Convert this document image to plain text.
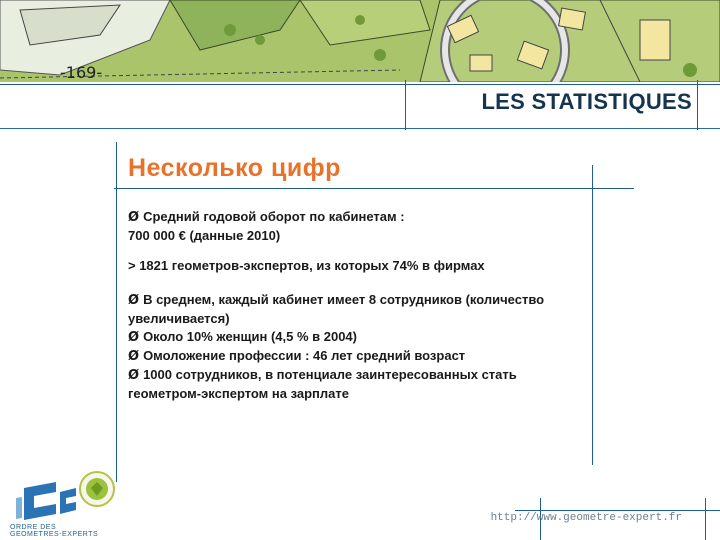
-169-
LES STATISTIQUES
Несколько цифр
Ø Средний годовой оборот по кабинетам :
700 000 € (данные 2010)
> 1821 геометров-экспертов, из которых 74% в фирмах
Ø В среднем, каждый кабинет имеет 8 сотрудников (количество
увеличивается)
Ø Около 10% женщин (4,5 % в 2004)
Ø Омоложение профессии : 46 лет средний возраст
Ø 1000 сотрудников, в потенциале заинтересованных стать
геометром-экспертом на зарплате
http://www.geometre-expert.fr
ORDRE DES
GEOMETRES-EXPERTS
